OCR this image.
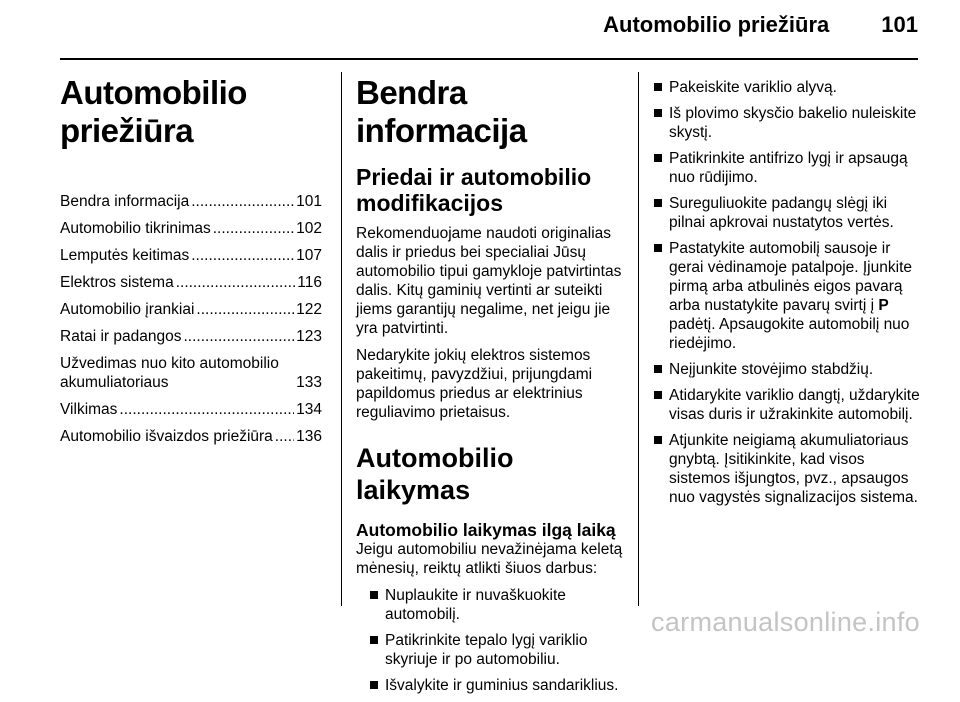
Automobilio priežiūra 101
Automobilio priežiūra
Bendra informacija .....	101
Automobilio tikrinimas .....	102
Lemputės keitimas .....	107
Elektros sistema .....	116
Automobilio įrankiai .....	122
Ratai ir padangos .....	123
Užvedimas nuo kito automobilio akumuliatoriaus	133
Vilkimas .....	134
Automobilio išvaizdos priežiūra ..... 136
Bendra informacija
Priedai ir automobilio modifikacijos

Rekomenduojame naudoti originalias dalis ir priedus bei specialiai Jūsų automobilio tipui gamykloje patvirtintas dalis. Kitų gaminių vertinti ar suteikti jiems garantijų negalime, net jeigu jie yra patvirtinti.

Nedarykite jokių elektros sistemos pakeitimų, pavyzdžiui, prijungdami papildomus priedus ar elektrinius reguliavimo prietaisus.

Automobilio laikymas
Automobilio laikymas ilgą laiką

Jeigu automobiliu nevažinėjama keletą mėnesių, reiktų atlikti šiuos darbus:

Nuplaukite ir nuvaškuokite automobilį.
Patikrinkite tepalo lygį variklio skyriuje ir po automobiliu.
Išvalykite ir guminius sandariklius.
Pakeiskite variklio alyvą.
Iš plovimo skysčio bakelio nuleiskite skystį.
Patikrinkite antifrizo lygį ir apsaugą nuo rūdijimo.
Sureguliuokite padangų slėgį iki pilnai apkrovai nustatytos vertės.
Pastatykite automobilį sausoje ir gerai vėdinamoje patalpoje. Įjunkite pirmą arba atbulinės eigos pavarą arba nustatykite pavarų svirtį į P padėtį. Apsaugokite automobilį nuo riedėjimo.
Neįjunkite stovėjimo stabdžių.
Atidarykite variklio dangtį, uždarykite visas duris ir užrakinkite automobilį.
Atjunkite neigiamą akumuliatoriaus gnybtą. Įsitikinkite, kad visos sistemos išjungtos, pvz., apsaugos nuo vagystės signalizacijos sistema.
carmanualsonline.info
